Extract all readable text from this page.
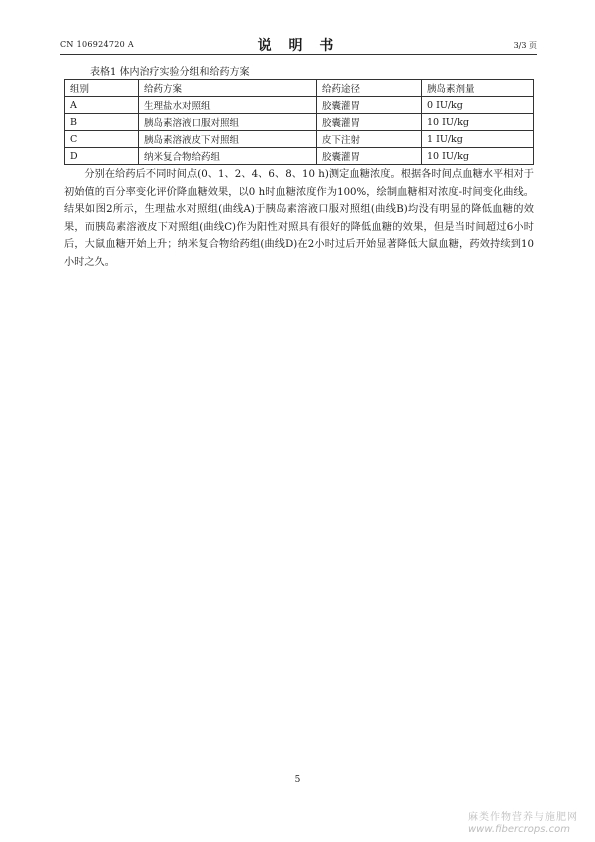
CN 106924720 A	说 明 书	3/3 页
表格1 体内治疗实验分组和给药方案
组别	给药方案	给药途径	胰岛素剂量
A	生理盐水对照组	胶囊灌胃	0 IU/kg
B	胰岛素溶液口服对照组	胶囊灌胃	10 IU/kg
C	胰岛素溶液皮下对照组	皮下注射	1 IU/kg
D	纳米复合物给药组	胶囊灌胃	10 IU/kg

分别在给药后不同时间点(0、1、2、4、6、8、10 h)测定血糖浓度。根据各时间点血糖水平相对于初始值的百分率变化评价降血糖效果，以0 h时血糖浓度作为100%，绘制血糖相对浓度-时间变化曲线。结果如图2所示，生理盐水对照组(曲线A)于胰岛素溶液口服对照组(曲线B)均没有明显的降低血糖的效果，而胰岛素溶液皮下对照组(曲线C)作为阳性对照具有很好的降低血糖的效果，但是当时间超过6小时后，大鼠血糖开始上升；纳米复合物给药组(曲线D)在2小时过后开始显著降低大鼠血糖，药效持续到10小时之久。

5
麻类作物营养与施肥网
www.fibercrops.com
